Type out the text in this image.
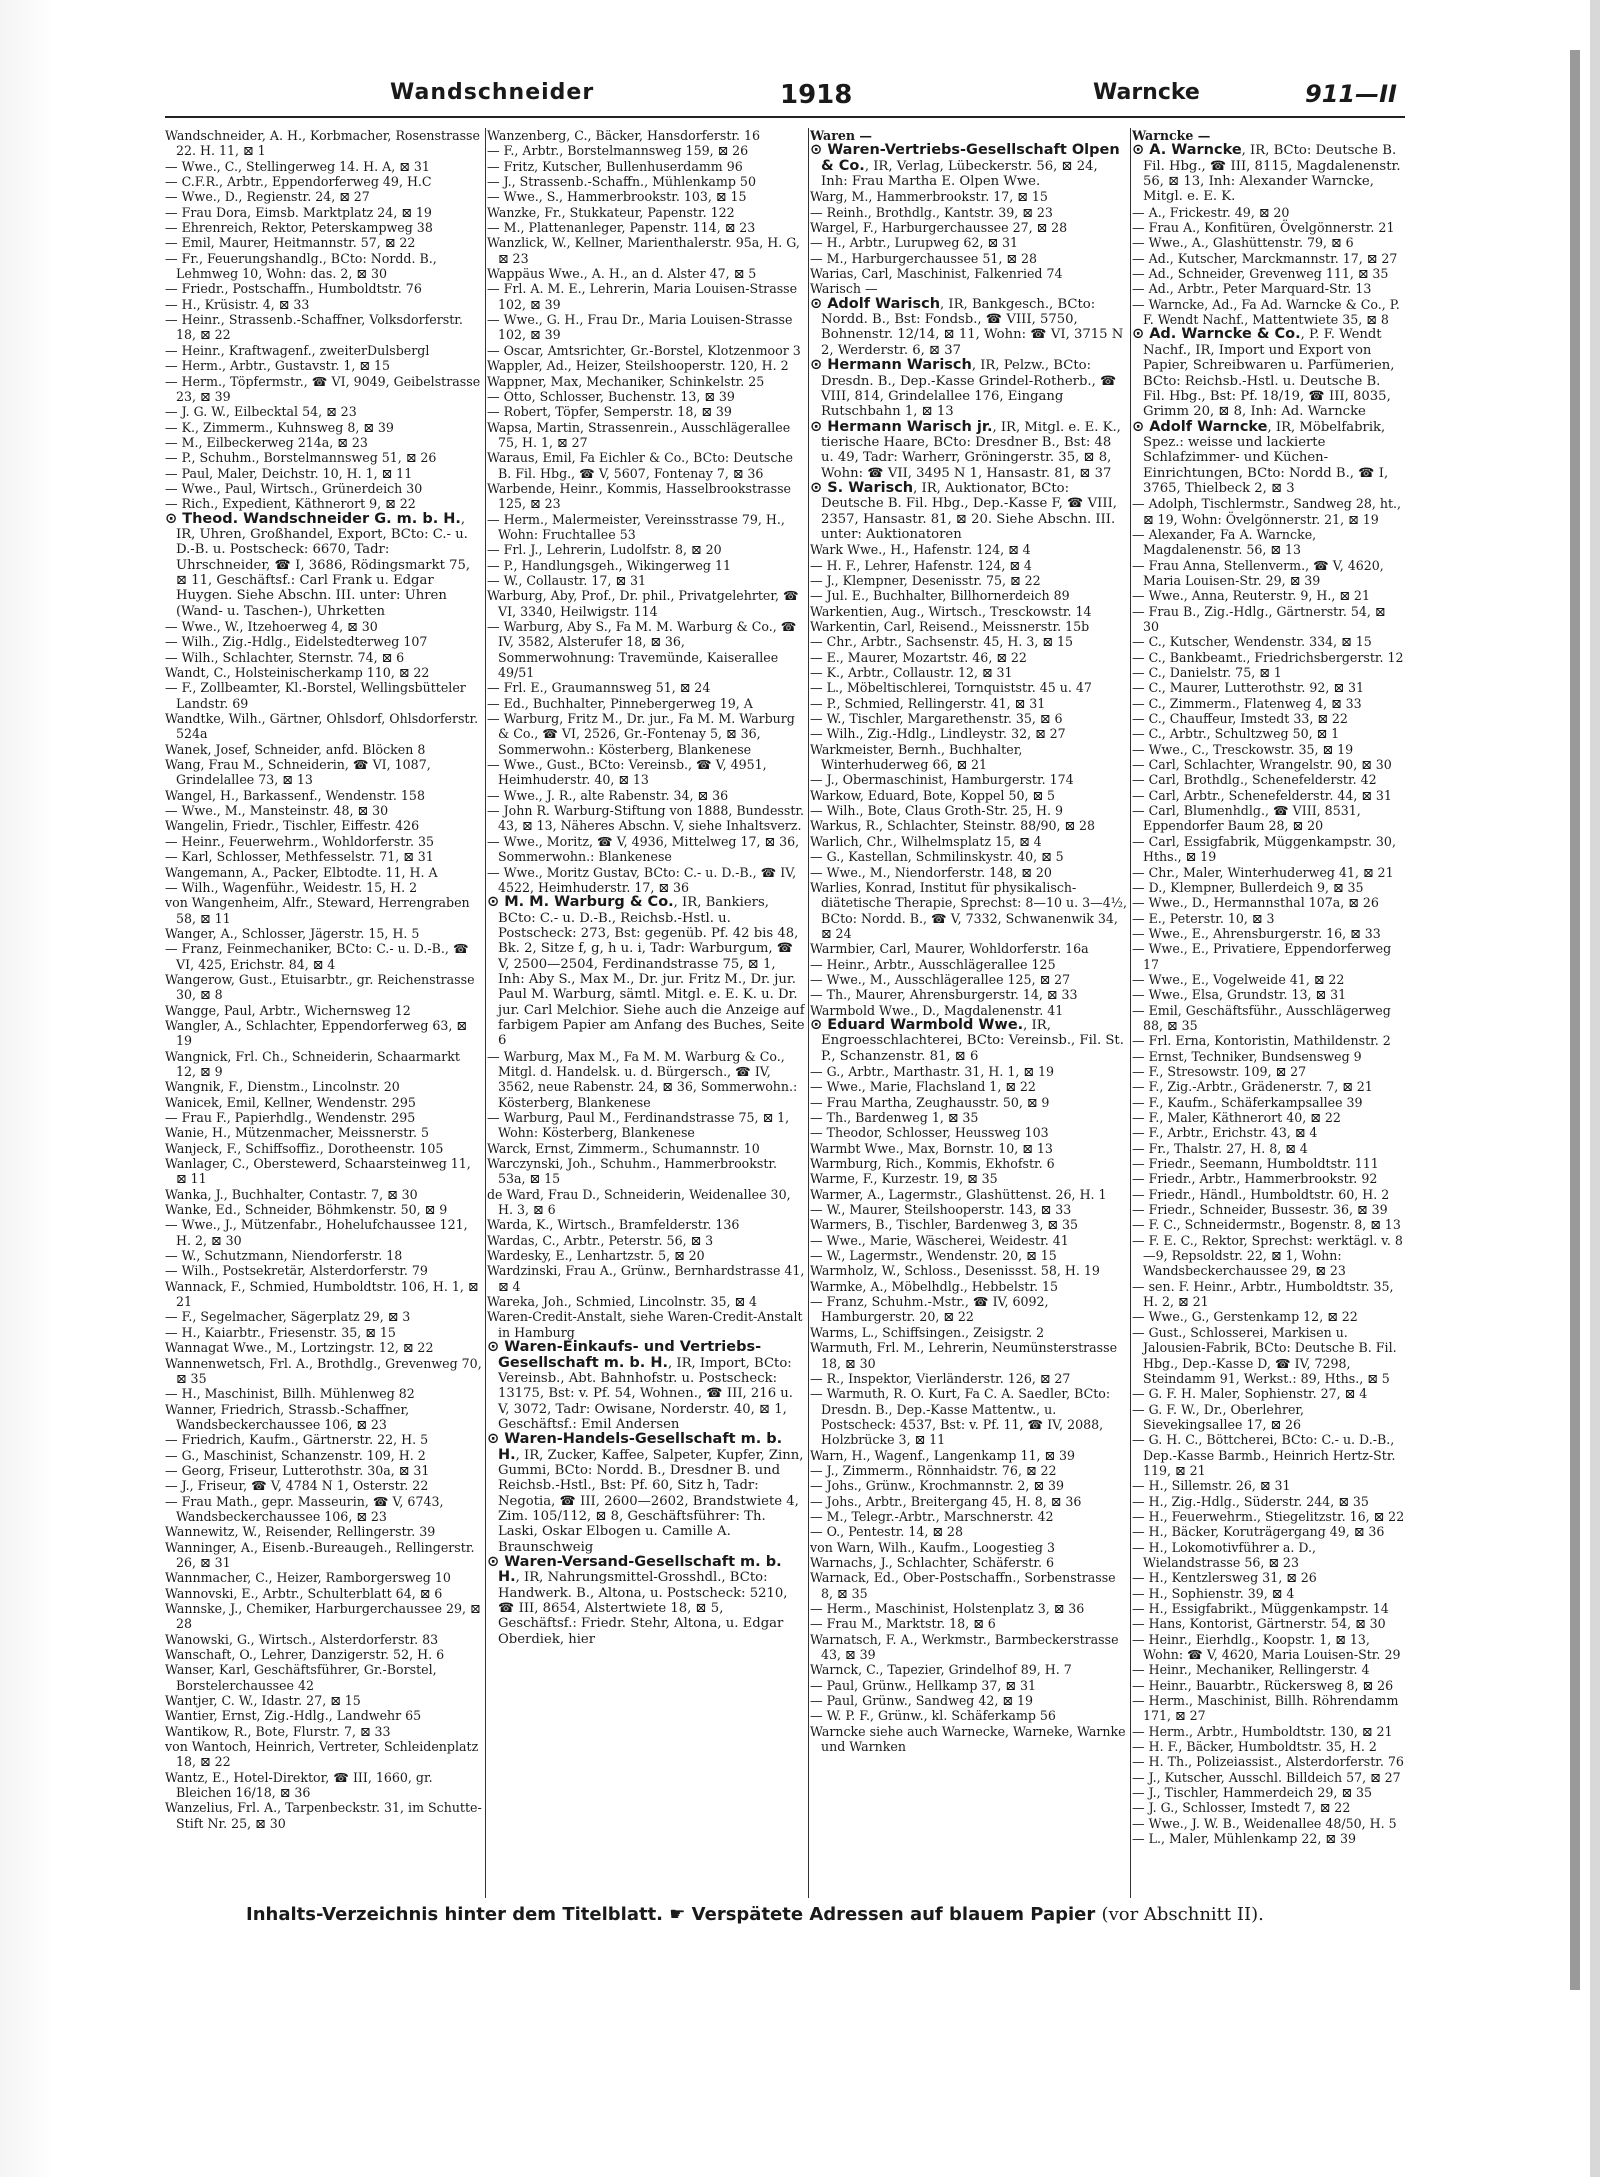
Wandschneider	1918	Warncke	911—II

Wandschneider, A. H., Korbmacher, Rosenstrasse 22. H. 11, ⊠ 1

— Wwe., C., Stellingerweg 14. H. A, ⊠ 31

— C.F.R., Arbtr., Eppendorferweg 49, H.C

— Wwe., D., Regienstr. 24, ⊠ 27

— Frau Dora, Eimsb. Marktplatz 24, ⊠ 19

— Ehrenreich, Rektor, Peterskampweg 38

— Emil, Maurer, Heitmannstr. 57, ⊠ 22

— Fr., Feuerungshandlg., BCto: Nordd. B., Lehmweg 10, Wohn: das. 2, ⊠ 30

— Friedr., Postschaffn., Humboldtstr. 76

— H., Krüsistr. 4, ⊠ 33

— Heinr., Strassenb.-Schaffner, Volksdorferstr. 18, ⊠ 22

— Heinr., Kraftwagenf., zweiterDulsbergl

— Herm., Arbtr., Gustavstr. 1, ⊠ 15

— Herm., Töpfermstr., ☎ VI, 9049, Geibelstrasse 23, ⊠ 39

— J. G. W., Eilbecktal 54, ⊠ 23

— K., Zimmerm., Kuhnsweg 8, ⊠ 39

— M., Eilbeckerweg 214a, ⊠ 23

— P., Schuhm., Borstelmannsweg 51, ⊠ 26

— Paul, Maler, Deichstr. 10, H. 1, ⊠ 11

— Wwe., Paul, Wirtsch., Grünerdeich 30

— Rich., Expedient, Käthnerort 9, ⊠ 22

⊙ Theod. Wandschneider G. m. b. H., IR, Uhren, Großhandel, Export, BCto: C.- u. D.-B. u. Postscheck: 6670, Tadr: Uhrschneider, ☎ I, 3686, Rödingsmarkt 75, ⊠ 11, Geschäftsf.: Carl Frank u. Edgar Huygen. Siehe Abschn. III. unter: Uhren (Wand- u. Taschen-), Uhrketten

— Wwe., W., Itzehoerweg 4, ⊠ 30

— Wilh., Zig.-Hdlg., Eidelstedterweg 107

— Wilh., Schlachter, Sternstr. 74, ⊠ 6

Wandt, C., Holsteinischerkamp 110, ⊠ 22

— F., Zollbeamter, Kl.-Borstel, Wellingsbütteler Landstr. 69

Wandtke, Wilh., Gärtner, Ohlsdorf, Ohlsdorferstr. 524a

Wanek, Josef, Schneider, anfd. Blöcken 8

Wang, Frau M., Schneiderin, ☎ VI, 1087, Grindelallee 73, ⊠ 13

Wangel, H., Barkassenf., Wendenstr. 158

— Wwe., M., Mansteinstr. 48, ⊠ 30

Wangelin, Friedr., Tischler, Eiffestr. 426

— Heinr., Feuerwehrm., Wohldorferstr. 35

— Karl, Schlosser, Methfesselstr. 71, ⊠ 31

Wangemann, A., Packer, Elbtodte. 11, H. A

— Wilh., Wagenführ., Weidestr. 15, H. 2

von Wangenheim, Alfr., Steward, Herrengraben 58, ⊠ 11

Wanger, A., Schlosser, Jägerstr. 15, H. 5

— Franz, Feinmechaniker, BCto: C.- u. D.-B., ☎ VI, 425, Erichstr. 84, ⊠ 4

Wangerow, Gust., Etuisarbtr., gr. Reichenstrasse 30, ⊠ 8

Wangge, Paul, Arbtr., Wichernsweg 12

Wangler, A., Schlachter, Eppendorferweg 63, ⊠ 19

Wangnick, Frl. Ch., Schneiderin, Schaarmarkt 12, ⊠ 9

Wangnik, F., Dienstm., Lincolnstr. 20

Wanicek, Emil, Kellner, Wendenstr. 295

— Frau F., Papierhdlg., Wendenstr. 295

Wanie, H., Mützenmacher, Meissnerstr. 5

Wanjeck, F., Schiffsoffiz., Dorotheenstr. 105

Wanlager, C., Oberstewerd, Schaarsteinweg 11, ⊠ 11

Wanka, J., Buchhalter, Contastr. 7, ⊠ 30

Wanke, Ed., Schneider, Böhmkenstr. 50, ⊠ 9

— Wwe., J., Mützenfabr., Hohelufchaussee 121, H. 2, ⊠ 30

— W., Schutzmann, Niendorferstr. 18

— Wilh., Postsekretär, Alsterdorferstr. 79

Wannack, F., Schmied, Humboldtstr. 106, H. 1, ⊠ 21

— F., Segelmacher, Sägerplatz 29, ⊠ 3

— H., Kaiarbtr., Friesenstr. 35, ⊠ 15

Wannagat Wwe., M., Lortzingstr. 12, ⊠ 22

Wannenwetsch, Frl. A., Brothdlg., Grevenweg 70, ⊠ 35

— H., Maschinist, Billh. Mühlenweg 82

Wanner, Friedrich, Strassb.-Schaffner, Wandsbeckerchaussee 106, ⊠ 23

— Friedrich, Kaufm., Gärtnerstr. 22, H. 5

— G., Maschinist, Schanzenstr. 109, H. 2

— Georg, Friseur, Lutterothstr. 30a, ⊠ 31

— J., Friseur, ☎ V, 4784 N 1, Osterstr. 22

— Frau Math., gepr. Masseurin, ☎ V, 6743, Wandsbeckerchaussee 106, ⊠ 23

Wannewitz, W., Reisender, Rellingerstr. 39

Wanninger, A., Eisenb.-Bureaugeh., Rellingerstr. 26, ⊠ 31

Wannmacher, C., Heizer, Ramborgersweg 10

Wannovski, E., Arbtr., Schulterblatt 64, ⊠ 6

Wannske, J., Chemiker, Harburgerchaussee 29, ⊠ 28

Wanowski, G., Wirtsch., Alsterdorferstr. 83

Wanschaft, O., Lehrer, Danzigerstr. 52, H. 6

Wanser, Karl, Geschäftsführer, Gr.-Borstel, Borstelerchaussee 42

Wantjer, C. W., Idastr. 27, ⊠ 15

Wantier, Ernst, Zig.-Hdlg., Landwehr 65

Wantikow, R., Bote, Flurstr. 7, ⊠ 33

von Wantoch, Heinrich, Vertreter, Schleidenplatz 18, ⊠ 22

Wantz, E., Hotel-Direktor, ☎ III, 1660, gr. Bleichen 16/18, ⊠ 36

Wanzelius, Frl. A., Tarpenbeckstr. 31, im Schutte-Stift Nr. 25, ⊠ 30

Wanzenberg, C., Bäcker, Hansdorferstr. 16

— F., Arbtr., Borstelmannsweg 159, ⊠ 26

— Fritz, Kutscher, Bullenhuserdamm 96

— J., Strassenb.-Schaffn., Mühlenkamp 50

— Wwe., S., Hammerbrookstr. 103, ⊠ 15

Wanzke, Fr., Stukkateur, Papenstr. 122

— M., Plattenanleger, Papenstr. 114, ⊠ 23

Wanzlick, W., Kellner, Marienthalerstr. 95a, H. G, ⊠ 23

Wappäus Wwe., A. H., an d. Alster 47, ⊠ 5

— Frl. A. M. E., Lehrerin, Maria Louisen-Strasse 102, ⊠ 39

— Wwe., G. H., Frau Dr., Maria Louisen-Strasse 102, ⊠ 39

— Oscar, Amtsrichter, Gr.-Borstel, Klotzenmoor 3

Wappler, Ad., Heizer, Steilshooperstr. 120, H. 2

Wappner, Max, Mechaniker, Schinkelstr. 25

— Otto, Schlosser, Buchenstr. 13, ⊠ 39

— Robert, Töpfer, Semperstr. 18, ⊠ 39

Wapsa, Martin, Strassenrein., Ausschlägerallee 75, H. 1, ⊠ 27

Waraus, Emil, Fa Eichler & Co., BCto: Deutsche B. Fil. Hbg., ☎ V, 5607, Fontenay 7, ⊠ 36

Warbende, Heinr., Kommis, Hasselbrookstrasse 125, ⊠ 23

— Herm., Malermeister, Vereinsstrasse 79, H., Wohn: Fruchtallee 53

— Frl. J., Lehrerin, Ludolfstr. 8, ⊠ 20

— P., Handlungsgeh., Wikingerweg 11

— W., Collaustr. 17, ⊠ 31

Warburg, Aby, Prof., Dr. phil., Privatgelehrter, ☎ VI, 3340, Heilwigstr. 114

— Warburg, Aby S., Fa M. M. Warburg & Co., ☎ IV, 3582, Alsterufer 18, ⊠ 36, Sommerwohnung: Travemünde, Kaiserallee 49/51

— Frl. E., Graumannsweg 51, ⊠ 24

— Ed., Buchhalter, Pinnebergerweg 19, A

— Warburg, Fritz M., Dr. jur., Fa M. M. Warburg & Co., ☎ VI, 2526, Gr.-Fontenay 5, ⊠ 36, Sommerwohn.: Kösterberg, Blankenese

— Wwe., Gust., BCto: Vereinsb., ☎ V, 4951, Heimhuderstr. 40, ⊠ 13

— Wwe., J. R., alte Rabenstr. 34, ⊠ 36

— John R. Warburg-Stiftung von 1888, Bundesstr. 43, ⊠ 13, Näheres Abschn. V, siehe Inhaltsverz.

— Wwe., Moritz, ☎ V, 4936, Mittelweg 17, ⊠ 36, Sommerwohn.: Blankenese

— Wwe., Moritz Gustav, BCto: C.- u. D.-B., ☎ IV, 4522, Heimhuderstr. 17, ⊠ 36

⊙ M. M. Warburg & Co., IR, Bankiers, BCto: C.- u. D.-B., Reichsb.-Hstl. u. Postscheck: 273, Bst: gegenüb. Pf. 42 bis 48, Bk. 2, Sitze f, g, h u. i, Tadr: Warburgum, ☎ V, 2500—2504, Ferdinandstrasse 75, ⊠ 1, Inh: Aby S., Max M., Dr. jur. Fritz M., Dr. jur. Paul M. Warburg, sämtl. Mitgl. e. E. K. u. Dr. jur. Carl Melchior. Siehe auch die Anzeige auf farbigem Papier am Anfang des Buches, Seite 6

— Warburg, Max M., Fa M. M. Warburg & Co., Mitgl. d. Handelsk. u. d. Bürgersch., ☎ IV, 3562, neue Rabenstr. 24, ⊠ 36, Sommerwohn.: Kösterberg, Blankenese

— Warburg, Paul M., Ferdinandstrasse 75, ⊠ 1, Wohn: Kösterberg, Blankenese

Warck, Ernst, Zimmerm., Schumannstr. 10

Warczynski, Joh., Schuhm., Hammerbrookstr. 53a, ⊠ 15

de Ward, Frau D., Schneiderin, Weidenallee 30, H. 3, ⊠ 6

Warda, K., Wirtsch., Bramfelderstr. 136

Wardas, C., Arbtr., Peterstr. 56, ⊠ 3

Wardesky, E., Lenhartzstr. 5, ⊠ 20

Wardzinski, Frau A., Grünw., Bernhardstrasse 41, ⊠ 4

Wareka, Joh., Schmied, Lincolnstr. 35, ⊠ 4

Waren-Credit-Anstalt, siehe Waren-Credit-Anstalt in Hamburg

⊙ Waren-Einkaufs- und Vertriebs-Gesellschaft m. b. H., IR, Import, BCto: Vereinsb., Abt. Bahnhofstr. u. Postscheck: 13175, Bst: v. Pf. 54, Wohnen., ☎ III, 216 u. V, 3072, Tadr: Owisane, Norderstr. 40, ⊠ 1, Geschäftsf.: Emil Andersen

⊙ Waren-Handels-Gesellschaft m. b. H., IR, Zucker, Kaffee, Salpeter, Kupfer, Zinn, Gummi, BCto: Nordd. B., Dresdner B. und Reichsb.-Hstl., Bst: Pf. 60, Sitz h, Tadr: Negotia, ☎ III, 2600—2602, Brandstwiete 4, Zim. 105/112, ⊠ 8, Geschäftsführer: Th. Laski, Oskar Elbogen u. Camille A. Braunschweig

⊙ Waren-Versand-Gesellschaft m. b. H., IR, Nahrungsmittel-Grosshdl., BCto: Handwerk. B., Altona, u. Postscheck: 5210, ☎ III, 8654, Alstertwiete 18, ⊠ 5, Geschäftsf.: Friedr. Stehr, Altona, u. Edgar Oberdiek, hier

Waren —

⊙ Waren-Vertriebs-Gesellschaft Olpen & Co., IR, Verlag, Lübeckerstr. 56, ⊠ 24, Inh: Frau Martha E. Olpen Wwe.

Warg, M., Hammerbrookstr. 17, ⊠ 15

— Reinh., Brothdlg., Kantstr. 39, ⊠ 23

Wargel, F., Harburgerchaussee 27, ⊠ 28

— H., Arbtr., Lurupweg 62, ⊠ 31

— M., Harburgerchaussee 51, ⊠ 28

Warias, Carl, Maschinist, Falkenried 74

Warisch —

⊙ Adolf Warisch, IR, Bankgesch., BCto: Nordd. B., Bst: Fondsb., ☎ VIII, 5750, Bohnenstr. 12/14, ⊠ 11, Wohn: ☎ VI, 3715 N 2, Werderstr. 6, ⊠ 37

⊙ Hermann Warisch, IR, Pelzw., BCto: Dresdn. B., Dep.-Kasse Grindel-Rotherb., ☎ VIII, 814, Grindelallee 176, Eingang Rutschbahn 1, ⊠ 13

⊙ Hermann Warisch jr., IR, Mitgl. e. E. K., tierische Haare, BCto: Dresdner B., Bst: 48 u. 49, Tadr: Warherr, Gröningerstr. 35, ⊠ 8, Wohn: ☎ VII, 3495 N 1, Hansastr. 81, ⊠ 37

⊙ S. Warisch, IR, Auktionator, BCto: Deutsche B. Fil. Hbg., Dep.-Kasse F, ☎ VIII, 2357, Hansastr. 81, ⊠ 20. Siehe Abschn. III. unter: Auktionatoren

Wark Wwe., H., Hafenstr. 124, ⊠ 4

— H. F., Lehrer, Hafenstr. 124, ⊠ 4

— J., Klempner, Desenisstr. 75, ⊠ 22

— Jul. E., Buchhalter, Billhornerdeich 89

Warkentien, Aug., Wirtsch., Tresckowstr. 14

Warkentin, Carl, Reisend., Meissnerstr. 15b

— Chr., Arbtr., Sachsenstr. 45, H. 3, ⊠ 15

— E., Maurer, Mozartstr. 46, ⊠ 22

— K., Arbtr., Collaustr. 12, ⊠ 31

— L., Möbeltischlerei, Tornquiststr. 45 u. 47

— P., Schmied, Rellingerstr. 41, ⊠ 31

— W., Tischler, Margarethenstr. 35, ⊠ 6

— Wilh., Zig.-Hdlg., Lindleystr. 32, ⊠ 27

Warkmeister, Bernh., Buchhalter, Winterhuderweg 66, ⊠ 21

— J., Obermaschinist, Hamburgerstr. 174

Warkow, Eduard, Bote, Koppel 50, ⊠ 5

— Wilh., Bote, Claus Groth-Str. 25, H. 9

Warkus, R., Schlachter, Steinstr. 88/90, ⊠ 28

Warlich, Chr., Wilhelmsplatz 15, ⊠ 4

— G., Kastellan, Schmilinskystr. 40, ⊠ 5

— Wwe., M., Niendorferstr. 148, ⊠ 20

Warlies, Konrad, Institut für physikalisch-diätetische Therapie, Sprechst: 8—10 u. 3—4½, BCto: Nordd. B., ☎ V, 7332, Schwanenwik 34, ⊠ 24

Warmbier, Carl, Maurer, Wohldorferstr. 16a

— Heinr., Arbtr., Ausschlägerallee 125

— Wwe., M., Ausschlägerallee 125, ⊠ 27

— Th., Maurer, Ahrensburgerstr. 14, ⊠ 33

Warmbold Wwe., D., Magdalenenstr. 41

⊙ Eduard Warmbold Wwe., IR, Engroesschlachterei, BCto: Vereinsb., Fil. St. P., Schanzenstr. 81, ⊠ 6

— G., Arbtr., Marthastr. 31, H. 1, ⊠ 19

— Wwe., Marie, Flachsland 1, ⊠ 22

— Frau Martha, Zeughausstr. 50, ⊠ 9

— Th., Bardenweg 1, ⊠ 35

— Theodor, Schlosser, Heussweg 103

Warmbt Wwe., Max, Bornstr. 10, ⊠ 13

Warmburg, Rich., Kommis, Ekhofstr. 6

Warme, F., Kurzestr. 19, ⊠ 35

Warmer, A., Lagermstr., Glashüttenst. 26, H. 1

— W., Maurer, Steilshooperstr. 143, ⊠ 33

Warmers, B., Tischler, Bardenweg 3, ⊠ 35

— Wwe., Marie, Wäscherei, Weidestr. 41

— W., Lagermstr., Wendenstr. 20, ⊠ 15

Warmholz, W., Schloss., Desenissst. 58, H. 19

Warmke, A., Möbelhdlg., Hebbelstr. 15

— Franz, Schuhm.-Mstr., ☎ IV, 6092, Hamburgerstr. 20, ⊠ 22

Warms, L., Schiffsingen., Zeisigstr. 2

Warmuth, Frl. M., Lehrerin, Neumünsterstrasse 18, ⊠ 30

— R., Inspektor, Vierländerstr. 126, ⊠ 27

— Warmuth, R. O. Kurt, Fa C. A. Saedler, BCto: Dresdn. B., Dep.-Kasse Mattentw., u. Postscheck: 4537, Bst: v. Pf. 11, ☎ IV, 2088, Holzbrücke 3, ⊠ 11

Warn, H., Wagenf., Langenkamp 11, ⊠ 39

— J., Zimmerm., Rönnhaidstr. 76, ⊠ 22

— Johs., Grünw., Krochmannstr. 2, ⊠ 39

— Johs., Arbtr., Breitergang 45, H. 8, ⊠ 36

— M., Telegr.-Arbtr., Marschnerstr. 42

— O., Pentestr. 14, ⊠ 28

von Warn, Wilh., Kaufm., Loogestieg 3

Warnachs, J., Schlachter, Schäferstr. 6

Warnack, Ed., Ober-Postschaffn., Sorbenstrasse 8, ⊠ 35

— Herm., Maschinist, Holstenplatz 3, ⊠ 36

— Frau M., Marktstr. 18, ⊠ 6

Warnatsch, F. A., Werkmstr., Barmbeckerstrasse 43, ⊠ 39

Warnck, C., Tapezier, Grindelhof 89, H. 7

— Paul, Grünw., Hellkamp 37, ⊠ 31

— Paul, Grünw., Sandweg 42, ⊠ 19

— W. P. F., Grünw., kl. Schäferkamp 56

Warncke siehe auch Warnecke, Warneke, Warnke und Warnken

Warncke —

⊙ A. Warncke, IR, BCto: Deutsche B. Fil. Hbg., ☎ III, 8115, Magdalenenstr. 56, ⊠ 13, Inh: Alexander Warncke, Mitgl. e. E. K.

— A., Frickestr. 49, ⊠ 20

— Frau A., Konfitüren, Övelgönnerstr. 21

— Wwe., A., Glashüttenstr. 79, ⊠ 6

— Ad., Kutscher, Marckmannstr. 17, ⊠ 27

— Ad., Schneider, Grevenweg 111, ⊠ 35

— Ad., Arbtr., Peter Marquard-Str. 13

— Warncke, Ad., Fa Ad. Warncke & Co., P. F. Wendt Nachf., Mattentwiete 35, ⊠ 8

⊙ Ad. Warncke & Co., P. F. Wendt Nachf., IR, Import und Export von Papier, Schreibwaren u. Parfümerien, BCto: Reichsb.-Hstl. u. Deutsche B. Fil. Hbg., Bst: Pf. 18/19, ☎ III, 8035, Grimm 20, ⊠ 8, Inh: Ad. Warncke

⊙ Adolf Warncke, IR, Möbelfabrik, Spez.: weisse und lackierte Schlafzimmer- und Küchen-Einrichtungen, BCto: Nordd B., ☎ I, 3765, Thielbeck 2, ⊠ 3

— Adolph, Tischlermstr., Sandweg 28, ht., ⊠ 19, Wohn: Övelgönnerstr. 21, ⊠ 19

— Alexander, Fa A. Warncke, Magdalenenstr. 56, ⊠ 13

— Frau Anna, Stellenverm., ☎ V, 4620, Maria Louisen-Str. 29, ⊠ 39

— Wwe., Anna, Reuterstr. 9, H., ⊠ 21

— Frau B., Zig.-Hdlg., Gärtnerstr. 54, ⊠ 30

— C., Kutscher, Wendenstr. 334, ⊠ 15

— C., Bankbeamt., Friedrichsbergerstr. 12

— C., Danielstr. 75, ⊠ 1

— C., Maurer, Lutterothstr. 92, ⊠ 31

— C., Zimmerm., Flatenweg 4, ⊠ 33

— C., Chauffeur, Imstedt 33, ⊠ 22

— C., Arbtr., Schultzweg 50, ⊠ 1

— Wwe., C., Tresckowstr. 35, ⊠ 19

— Carl, Schlachter, Wrangelstr. 90, ⊠ 30

— Carl, Brothdlg., Schenefelderstr. 42

— Carl, Arbtr., Schenefelderstr. 44, ⊠ 31

— Carl, Blumenhdlg., ☎ VIII, 8531, Eppendorfer Baum 28, ⊠ 20

— Carl, Essigfabrik, Müggenkampstr. 30, Hths., ⊠ 19

— Chr., Maler, Winterhuderweg 41, ⊠ 21

— D., Klempner, Bullerdeich 9, ⊠ 35

— Wwe., D., Hermannsthal 107a, ⊠ 26

— E., Peterstr. 10, ⊠ 3

— Wwe., E., Ahrensburgerstr. 16, ⊠ 33

— Wwe., E., Privatiere, Eppendorferweg 17

— Wwe., E., Vogelweide 41, ⊠ 22

— Wwe., Elsa, Grundstr. 13, ⊠ 31

— Emil, Geschäftsführ., Ausschlägerweg 88, ⊠ 35

— Frl. Erna, Kontoristin, Mathildenstr. 2

— Ernst, Techniker, Bundsensweg 9

— F., Stresowstr. 109, ⊠ 27

— F., Zig.-Arbtr., Grädenerstr. 7, ⊠ 21

— F., Kaufm., Schäferkampsallee 39

— F., Maler, Käthnerort 40, ⊠ 22

— F., Arbtr., Erichstr. 43, ⊠ 4

— Fr., Thalstr. 27, H. 8, ⊠ 4

— Friedr., Seemann, Humboldtstr. 111

— Friedr., Arbtr., Hammerbrookstr. 92

— Friedr., Händl., Humboldtstr. 60, H. 2

— Friedr., Schneider, Bussestr. 36, ⊠ 39

— F. C., Schneidermstr., Bogenstr. 8, ⊠ 13

— F. E. C., Rektor, Sprechst: werktägl. v. 8—9, Repsoldstr. 22, ⊠ 1, Wohn: Wandsbeckerchaussee 29, ⊠ 23

— sen. F. Heinr., Arbtr., Humboldtstr. 35, H. 2, ⊠ 21

— Wwe., G., Gerstenkamp 12, ⊠ 22

— Gust., Schlosserei, Markisen u. Jalousien-Fabrik, BCto: Deutsche B. Fil. Hbg., Dep.-Kasse D, ☎ IV, 7298, Steindamm 91, Werkst.: 89, Hths., ⊠ 5

— G. F. H. Maler, Sophienstr. 27, ⊠ 4

— G. F. W., Dr., Oberlehrer, Sievekingsallee 17, ⊠ 26

— G. H. C., Böttcherei, BCto: C.- u. D.-B., Dep.-Kasse Barmb., Heinrich Hertz-Str. 119, ⊠ 21

— H., Sillemstr. 26, ⊠ 31

— H., Zig.-Hdlg., Süderstr. 244, ⊠ 35

— H., Feuerwehrm., Stiegelitzstr. 16, ⊠ 22

— H., Bäcker, Koruträgergang 49, ⊠ 36

— H., Lokomotivführer a. D., Wielandstrasse 56, ⊠ 23

— H., Kentzlersweg 31, ⊠ 26

— H., Sophienstr. 39, ⊠ 4

— H., Essigfabrikt., Müggenkampstr. 14

— Hans, Kontorist, Gärtnerstr. 54, ⊠ 30

— Heinr., Eierhdlg., Koopstr. 1, ⊠ 13, Wohn: ☎ V, 4620, Maria Louisen-Str. 29

— Heinr., Mechaniker, Rellingerstr. 4

— Heinr., Bauarbtr., Rückersweg 8, ⊠ 26

— Herm., Maschinist, Billh. Röhrendamm 171, ⊠ 27

— Herm., Arbtr., Humboldtstr. 130, ⊠ 21

— H. F., Bäcker, Humboldtstr. 35, H. 2

— H. Th., Polizeiassist., Alsterdorferstr. 76

— J., Kutscher, Ausschl. Billdeich 57, ⊠ 27

— J., Tischler, Hammerdeich 29, ⊠ 35

— J. G., Schlosser, Imstedt 7, ⊠ 22

— Wwe., J. W. B., Weidenallee 48/50, H. 5

— L., Maler, Mühlenkamp 22, ⊠ 39

Inhalts-Verzeichnis hinter dem Titelblatt. ☛ Verspätete Adressen auf blauem Papier (vor Abschnitt II).
